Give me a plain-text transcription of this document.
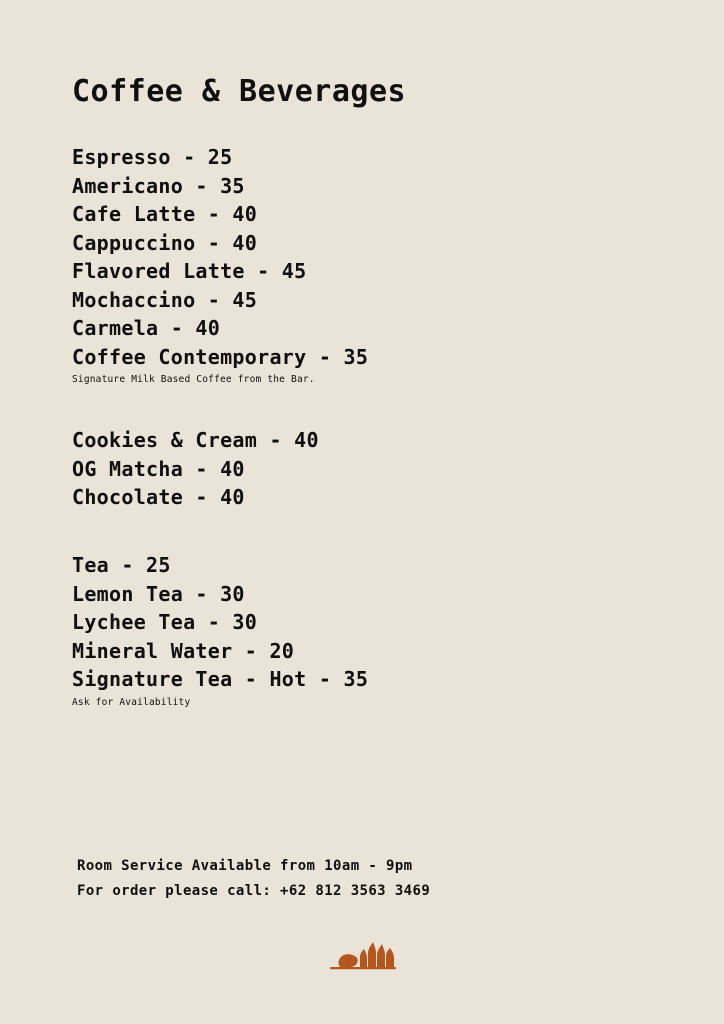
Coffee & Beverages
Espresso - 25
Americano - 35
Cafe Latte - 40
Cappuccino - 40
Flavored Latte - 45
Mochaccino - 45
Carmela - 40
Coffee Contemporary - 35
Signature Milk Based Coffee from the Bar.
Cookies & Cream - 40
OG Matcha - 40
Chocolate - 40
Tea - 25
Lemon Tea - 30
Lychee Tea - 30
Mineral Water - 20
Signature Tea - Hot - 35
Ask for Availability
Room Service Available from 10am - 9pm
For order please call: +62 812 3563 3469
